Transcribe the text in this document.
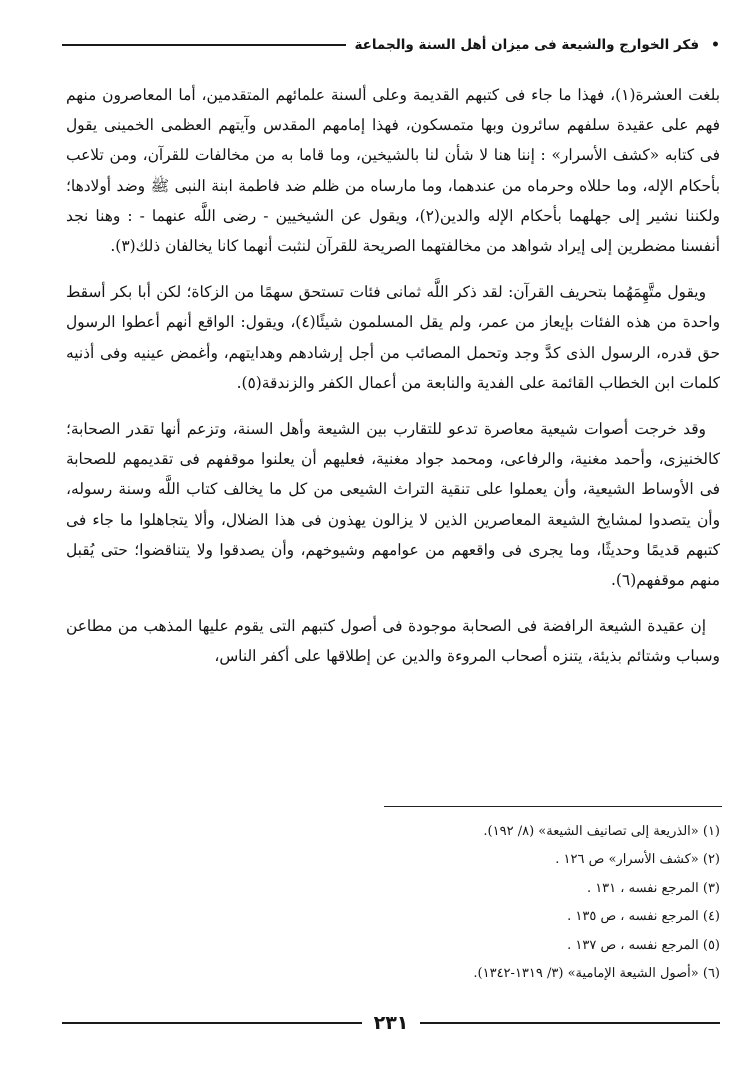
•
فكر الخوارج والشيعة فى ميزان أهل السنة والجماعة

بلغت العشرة(١)، فهذا ما جاء فى كتبهم القديمة وعلى ألسنة علمائهم المتقدمين، أما المعاصرون منهم فهم على عقيدة سلفهم سائرون وبها متمسكون، فهذا إمامهم المقدس وآيتهم العظمى الخمينى يقول فى كتابه «كشف الأسرار» : إننا هنا لا شأن لنا بالشيخين، وما قاما به من مخالفات للقرآن، ومن تلاعب بأحكام الإله، وما حللاه وحرماه من عندهما، وما مارساه من ظلم ضد فاطمة ابنة النبى ﷺ وضد أولادها؛ ولكننا نشير إلى جهلهما بأحكام الإله والدين(٢)، ويقول عن الشيخيين - رضى اللَّه عنهما - : وهنا نجد أنفسنا مضطرين إلى إيراد شواهد من مخالفتهما الصريحة للقرآن لنثبت أنهما كانا يخالفان ذلك(٣).

ويقول متَّهِمَهُما بتحريف القرآن: لقد ذكر اللَّه ثمانى فئات تستحق سهمًا من الزكاة؛ لكن أبا بكر أسقط واحدة من هذه الفئات بإيعاز من عمر، ولم يقل المسلمون شيئًا(٤)، ويقول: الواقع أنهم أعطوا الرسول حق قدره، الرسول الذى كدَّ وجد وتحمل المصائب من أجل إرشادهم وهدايتهم، وأغمض عينيه وفى أذنيه كلمات ابن الخطاب القائمة على الفدية والنابعة من أعمال الكفر والزندقة(٥).

وقد خرجت أصوات شيعية معاصرة تدعو للتقارب بين الشيعة وأهل السنة، وتزعم أنها تقدر الصحابة؛ كالخنيزى، وأحمد مغنية، والرفاعى، ومحمد جواد مغنية، فعليهم أن يعلنوا موقفهم فى تقديمهم للصحابة فى الأوساط الشيعية، وأن يعملوا على تنقية التراث الشيعى من كل ما يخالف كتاب اللَّه وسنة رسوله، وأن يتصدوا لمشايخ الشيعة المعاصرين الذين لا يزالون يهذون فى هذا الضلال، وألا يتجاهلوا ما جاء فى كتبهم قديمًا وحديثًا، وما يجرى فى واقعهم من عوامهم وشيوخهم، وأن يصدقوا ولا يتناقضوا؛ حتى يُقبل منهم موقفهم(٦).

إن عقيدة الشيعة الرافضة فى الصحابة موجودة فى أصول كتبهم التى يقوم عليها المذهب من مطاعن وسباب وشتائم بذيئة، يتنزه أصحاب المروءة والدين عن إطلاقها على أكفر الناس،

(١) «الذريعة إلى تصانيف الشيعة» (٨/ ١٩٢).
(٢) «كشف الأسرار» ص ١٢٦ .
(٣) المرجع نفسه ، ١٣١ .
(٤) المرجع نفسه ، ص ١٣٥ .
(٥) المرجع نفسه ، ص ١٣٧ .
(٦) «أصول الشيعة الإمامية» (٣/ ١٣١٩-١٣٤٢).
٢٣١
